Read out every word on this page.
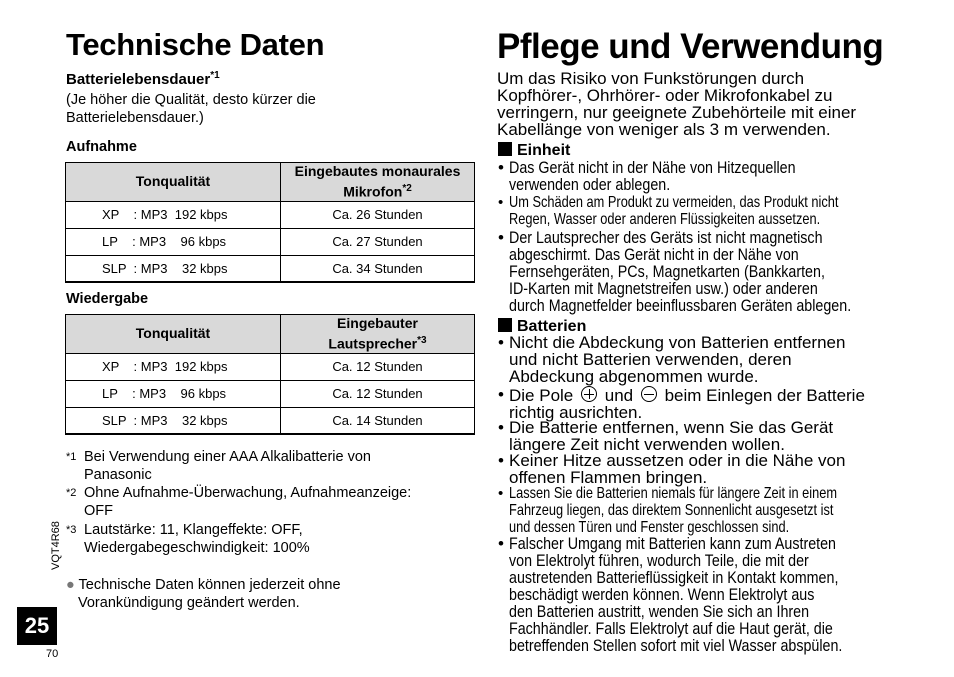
Technische Daten
Batterielebensdauer$^{*1}$
(Je höher die Qualität, desto kürzer die
Batterielebensdauer.)
Aufnahme
Tonqualität	Eingebautes monaurales
Mikrofon$^{*2}$
XP    : MP3  192 kbps	Ca. 26 Stunden
LP    : MP3    96 kbps	Ca. 27 Stunden
SLP  : MP3    32 kbps	Ca. 34 Stunden
Wiedergabe
Tonqualität	Eingebauter
Lautsprecher$^{*3}$
XP    : MP3  192 kbps	Ca. 12 Stunden
LP    : MP3    96 kbps	Ca. 12 Stunden
SLP  : MP3    32 kbps	Ca. 14 Stunden
*1 Bei Verwendung einer AAA Alkalibatterie von
Panasonic
*2 Ohne Aufnahme-Überwachung, Aufnahmeanzeige:
OFF
*3 Lautstärke: 11, Klangeffekte: OFF,
Wiedergabegeschwindigkeit: 100%
● Technische Daten können jederzeit ohne
Vorankündigung geändert werden.
VQT4R68
25
70
Pflege und Verwendung
Um das Risiko von Funkstörungen durch
Kopfhörer-, Ohrhörer- oder Mikrofonkabel zu
verringern, nur geeignete Zubehörteile mit einer
Kabellänge von weniger als 3 m verwenden.
Einheit
• Das Gerät nicht in der Nähe von Hitzequellen
verwenden oder ablegen.
• Um Schäden am Produkt zu vermeiden, das Produkt nicht
Regen, Wasser oder anderen Flüssigkeiten aussetzen.
• Der Lautsprecher des Geräts ist nicht magnetisch
abgeschirmt. Das Gerät nicht in der Nähe von
Fernsehgeräten, PCs, Magnetkarten (Bankkarten,
ID-Karten mit Magnetstreifen usw.) oder anderen
durch Magnetfelder beeinflussbaren Geräten ablegen.
Batterien
• Nicht die Abdeckung von Batterien entfernen
und nicht Batterien verwenden, deren
Abdeckung abgenommen wurde.
• Die Pole und beim Einlegen der Batterie
richtig ausrichten.
• Die Batterie entfernen, wenn Sie das Gerät
längere Zeit nicht verwenden wollen.
• Keiner Hitze aussetzen oder in die Nähe von
offenen Flammen bringen.
• Lassen Sie die Batterien niemals für längere Zeit in einem
Fahrzeug liegen, das direktem Sonnenlicht ausgesetzt ist
und dessen Türen und Fenster geschlossen sind.
• Falscher Umgang mit Batterien kann zum Austreten
von Elektrolyt führen, wodurch Teile, die mit der
austretenden Batterieflüssigkeit in Kontakt kommen,
beschädigt werden können. Wenn Elektrolyt aus
den Batterien austritt, wenden Sie sich an Ihren
Fachhändler. Falls Elektrolyt auf die Haut gerät, die
betreffenden Stellen sofort mit viel Wasser abspülen.
